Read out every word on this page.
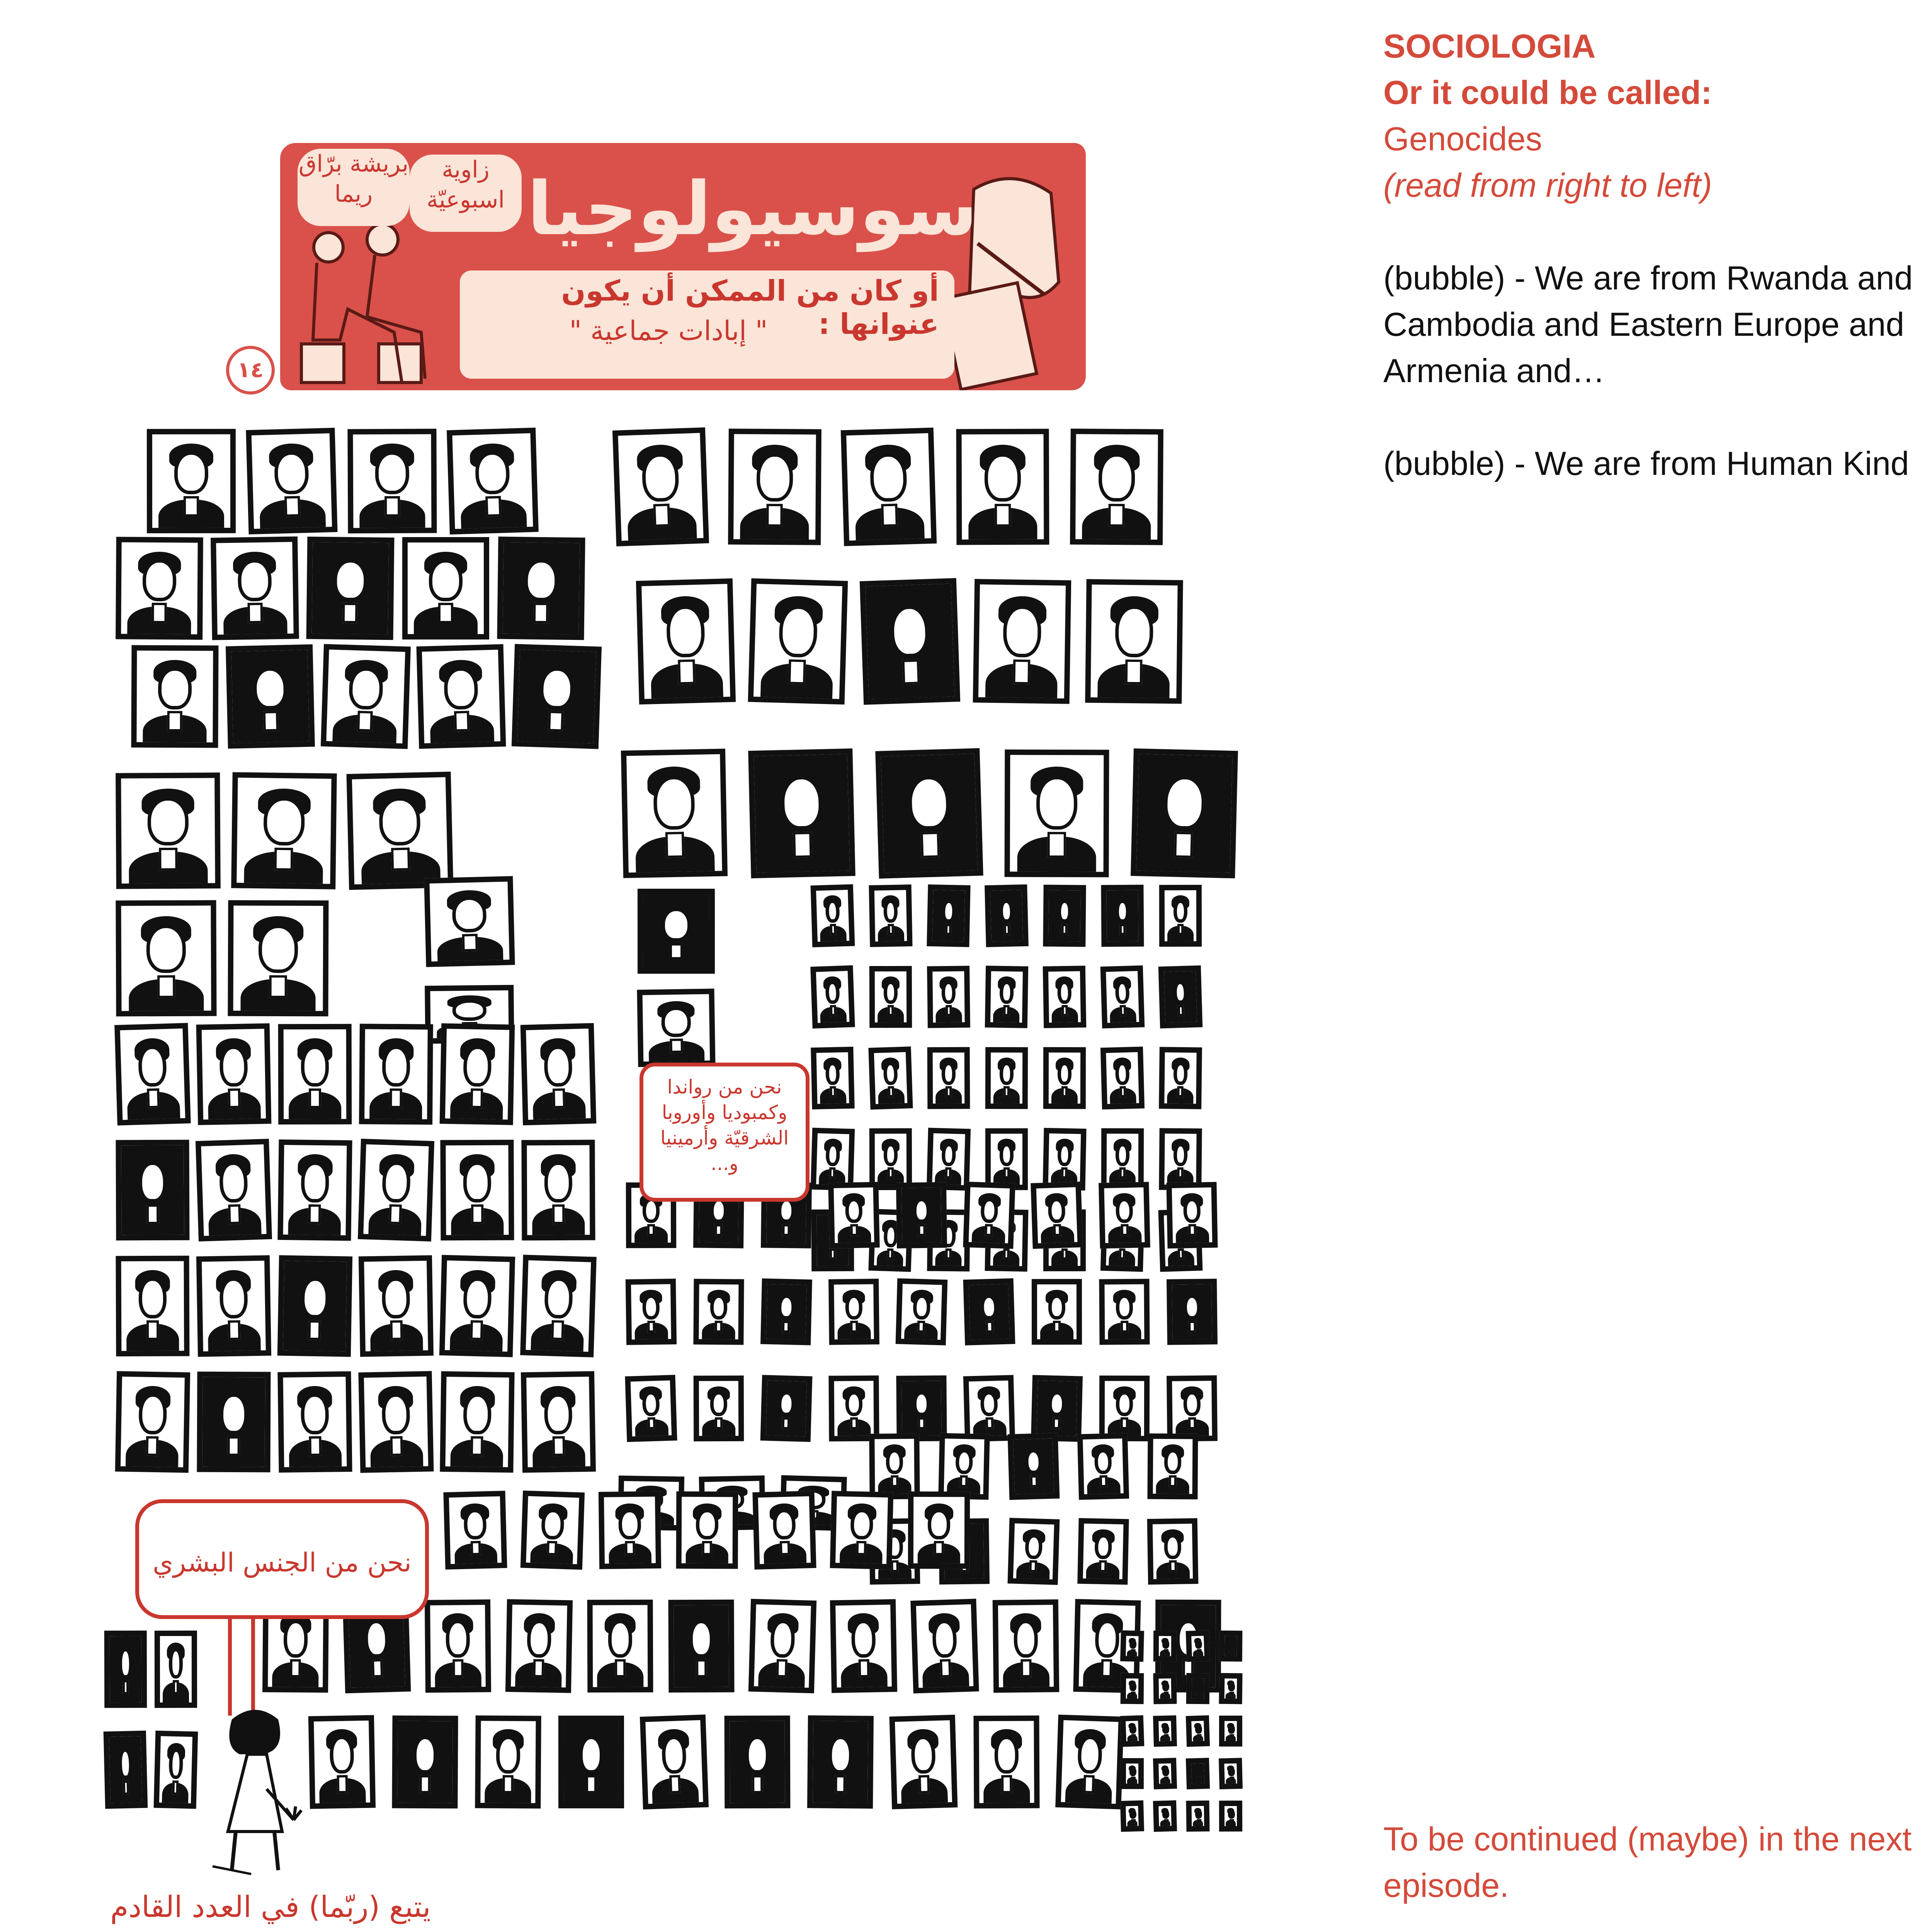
سوسيولوجيا
أو كان من الممكن أن يكون عنوانها :
" إبادات جماعية "
زاوية اسبوعيّة
بريشة برّاق ريما
١٤
نحن من رواندا وكمبوديا وأوروبا الشرقيّة وأرمينيا و...
نحن من الجنس البشري
يتبع (ربّما) في العدد القادم

SOCIOLOGIA

Or it could be called:

Genocides

(read from right to left)

(bubble) - We are from Rwanda and Cambodia and Eastern Europe and Armenia and…

(bubble) - We are from Human Kind

To be continued (maybe) in the next episode.
